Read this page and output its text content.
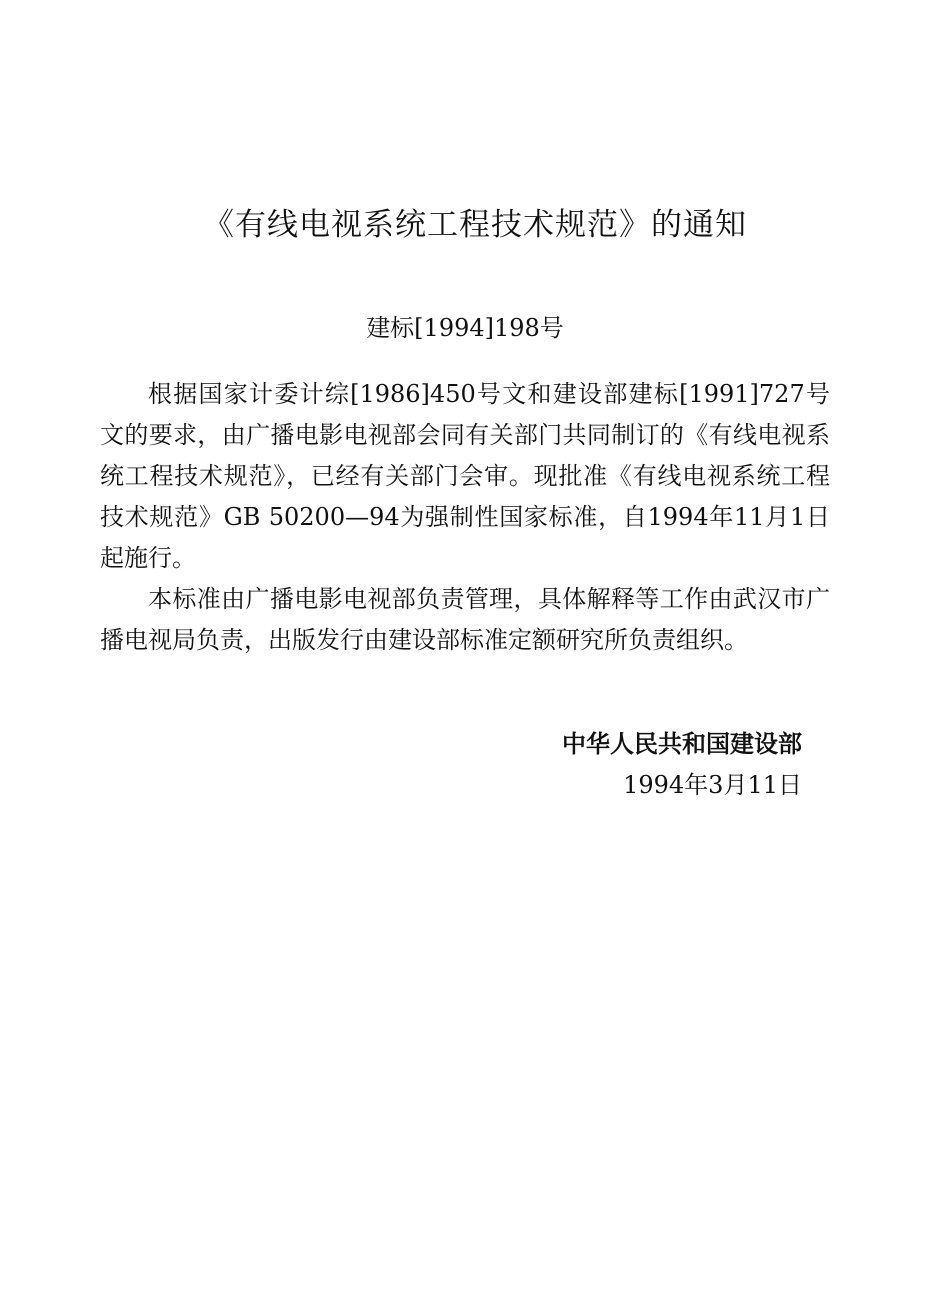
《有线电视系统工程技术规范》的通知
建标[1994]198号

根据国家计委计综[1986]450号文和建设部建标[1991]727号文的要求，由广播电影电视部会同有关部门共同制订的《有线电视系统工程技术规范》，已经有关部门会审。现批准《有线电视系统工程技术规范》GB 50200—94为强制性国家标准，自1994年11月1日起施行。

本标准由广播电影电视部负责管理，具体解释等工作由武汉市广播电视局负责，出版发行由建设部标准定额研究所负责组织。

中华人民共和国建设部
1994年3月11日
